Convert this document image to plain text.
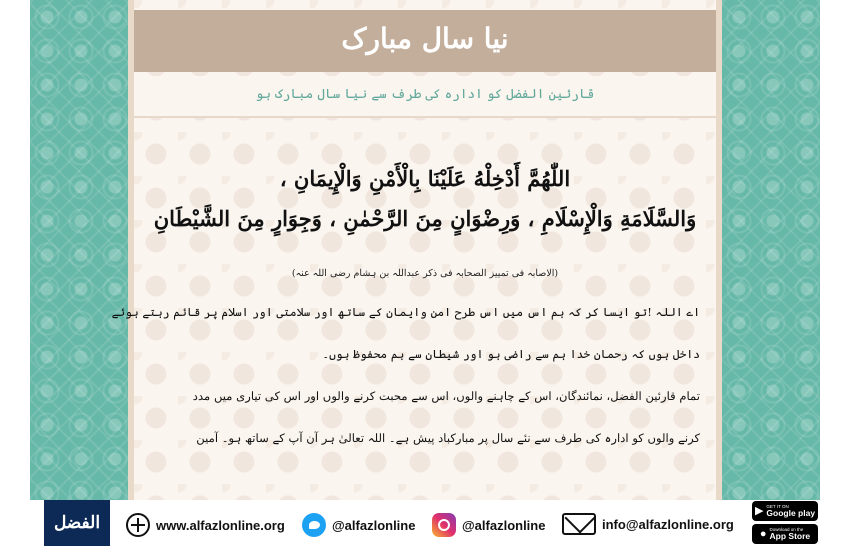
نیا سال مبارک
قارئین الفضل کو ادارہ کی طرف سے نیا سال مبارک ہو
اللّٰهُمَّ أَدْخِلْهُ عَلَيْنَا بِالْأَمْنِ وَالْإِيمَانِ ،
وَالسَّلَامَةِ وَالْإِسْلَامِ ، وَرِضْوَانٍ مِنَ الرَّحْمٰنِ ، وَجِوَارٍ مِنَ الشَّيْطَانِ
(الاصابہ فی تمییز الصحابہ فی ذکر عبداللہ بن ہشام رضی اللہ عنہ)
اے اللہ !تو ایسا کر کہ ہم اس میں اس طرح امن وایمان کے ساتھ اور سلامتی اور اسلام پر قائم رہتے ہوئے
داخل ہوں کہ رحمان خدا ہم سے راضی ہو اور شیطان سے ہم محفوظ ہوں۔
تمام قارئین الفضل، نمائندگان، اس کے چاہنے والوں، اس سے محبت کرنے والوں اور اس کی تیاری میں مدد
کرنے والوں کو ادارہ کی طرف سے نئے سال پر مبارکباد پیش ہے۔ اللہ تعالیٰ ہر آن آپ کے ساتھ ہو۔ آمین
الفضل	www.alfazlonline.org	@alfazlonline	@alfazlonline	info@alfazlonline.org
▶ GET IT ON
Google play
● Download on the
App Store
